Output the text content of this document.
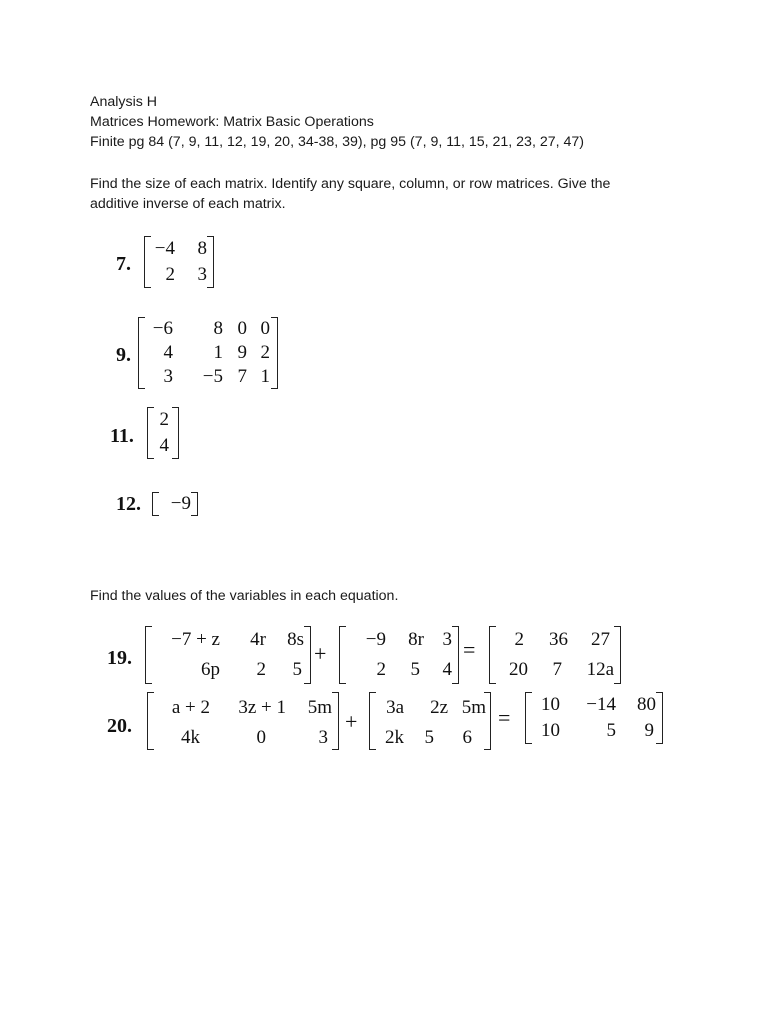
Analysis H
Matrices Homework: Matrix Basic Operations
Finite pg 84 (7, 9, 11, 12, 19, 20, 34-38, 39), pg 95 (7, 9, 11, 15, 21, 23, 27, 47)
Find the size of each matrix. Identify any square, column, or row matrices. Give the
additive inverse of each matrix.
7.
−4 8
2 3
9.
−6 8 0 0
4 1 9 2
3 −5 7 1
11.
2
4
12. −9
Find the values of the variables in each equation.
19.
−7 + z 4r 8s
6p 2 5
+
−9 8r 3
2 5 4
= 2 36 27
20 7 12a
20.
a + 2 3z + 1 5m
4k	0	3
+
3a 2z 5m
2k 5 6
=
10 −14 80
10 5 9
